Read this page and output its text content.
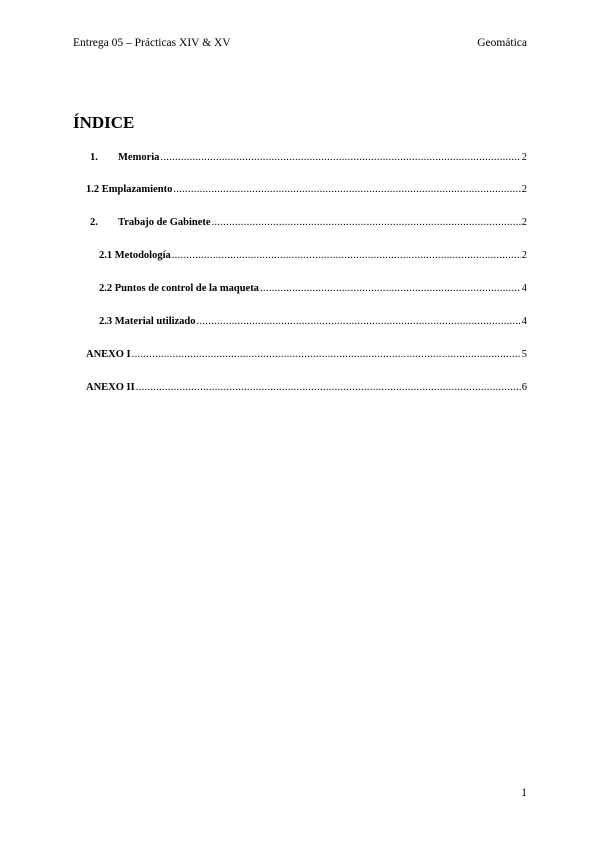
Entrega 05 – Prácticas XIV & XV	Geomática
ÍNDICE
1.	Memoria .....	2
1.2 Emplazamiento .....	2
2.	Trabajo de Gabinete .....	2
2.1 Metodología .....	2
2.2 Puntos de control de la maqueta .....	4
2.3 Material utilizado .....	4
ANEXO I .....	5
ANEXO II .....	6
1
